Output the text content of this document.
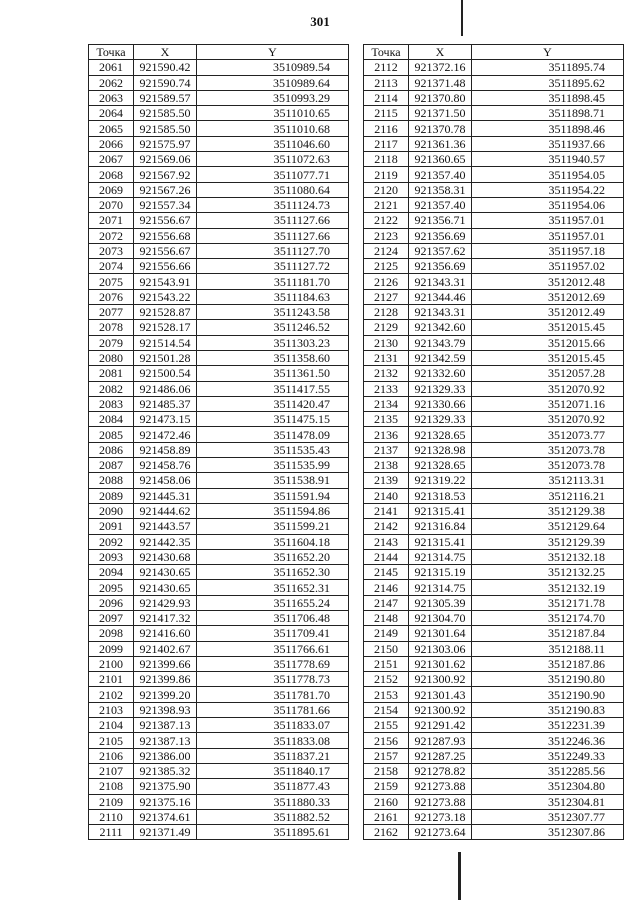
301
Точка	X	Y
2061	921590.42	3510989.54
2062	921590.74	3510989.64
2063	921589.57	3510993.29
2064	921585.50	3511010.65
2065	921585.50	3511010.68
2066	921575.97	3511046.60
2067	921569.06	3511072.63
2068	921567.92	3511077.71
2069	921567.26	3511080.64
2070	921557.34	3511124.73
2071	921556.67	3511127.66
2072	921556.68	3511127.66
2073	921556.67	3511127.70
2074	921556.66	3511127.72
2075	921543.91	3511181.70
2076	921543.22	3511184.63
2077	921528.87	3511243.58
2078	921528.17	3511246.52
2079	921514.54	3511303.23
2080	921501.28	3511358.60
2081	921500.54	3511361.50
2082	921486.06	3511417.55
2083	921485.37	3511420.47
2084	921473.15	3511475.15
2085	921472.46	3511478.09
2086	921458.89	3511535.43
2087	921458.76	3511535.99
2088	921458.06	3511538.91
2089	921445.31	3511591.94
2090	921444.62	3511594.86
2091	921443.57	3511599.21
2092	921442.35	3511604.18
2093	921430.68	3511652.20
2094	921430.65	3511652.30
2095	921430.65	3511652.31
2096	921429.93	3511655.24
2097	921417.32	3511706.48
2098	921416.60	3511709.41
2099	921402.67	3511766.61
2100	921399.66	3511778.69
2101	921399.86	3511778.73
2102	921399.20	3511781.70
2103	921398.93	3511781.66
2104	921387.13	3511833.07
2105	921387.13	3511833.08
2106	921386.00	3511837.21
2107	921385.32	3511840.17
2108	921375.90	3511877.43
2109	921375.16	3511880.33
2110	921374.61	3511882.52
2111	921371.49	3511895.61
Точка	X	Y
2112	921372.16	3511895.74
2113	921371.48	3511895.62
2114	921370.80	3511898.45
2115	921371.50	3511898.71
2116	921370.78	3511898.46
2117	921361.36	3511937.66
2118	921360.65	3511940.57
2119	921357.40	3511954.05
2120	921358.31	3511954.22
2121	921357.40	3511954.06
2122	921356.71	3511957.01
2123	921356.69	3511957.01
2124	921357.62	3511957.18
2125	921356.69	3511957.02
2126	921343.31	3512012.48
2127	921344.46	3512012.69
2128	921343.31	3512012.49
2129	921342.60	3512015.45
2130	921343.79	3512015.66
2131	921342.59	3512015.45
2132	921332.60	3512057.28
2133	921329.33	3512070.92
2134	921330.66	3512071.16
2135	921329.33	3512070.92
2136	921328.65	3512073.77
2137	921328.98	3512073.78
2138	921328.65	3512073.78
2139	921319.22	3512113.31
2140	921318.53	3512116.21
2141	921315.41	3512129.38
2142	921316.84	3512129.64
2143	921315.41	3512129.39
2144	921314.75	3512132.18
2145	921315.19	3512132.25
2146	921314.75	3512132.19
2147	921305.39	3512171.78
2148	921304.70	3512174.70
2149	921301.64	3512187.84
2150	921303.06	3512188.11
2151	921301.62	3512187.86
2152	921300.92	3512190.80
2153	921301.43	3512190.90
2154	921300.92	3512190.83
2155	921291.42	3512231.39
2156	921287.93	3512246.36
2157	921287.25	3512249.33
2158	921278.82	3512285.56
2159	921273.88	3512304.80
2160	921273.88	3512304.81
2161	921273.18	3512307.77
2162	921273.64	3512307.86
